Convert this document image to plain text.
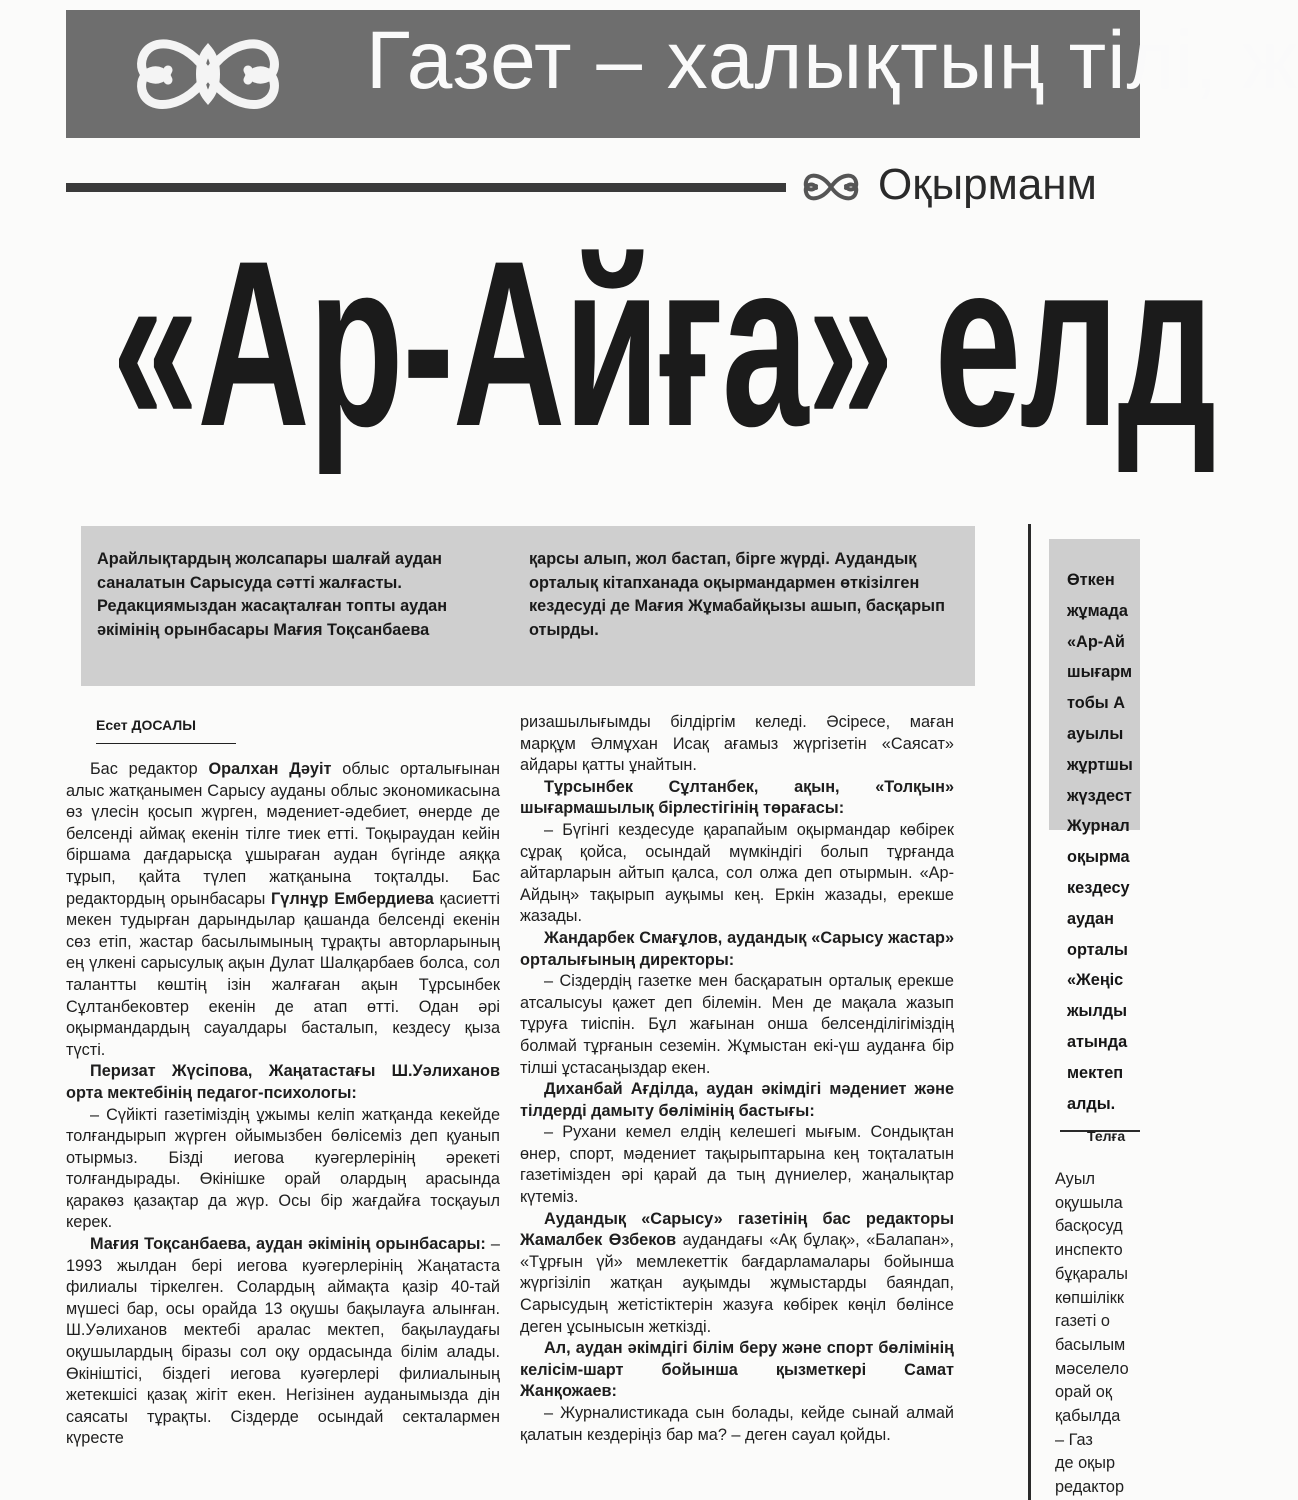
Газет – халықтың тілі, ж
Оқырманм
«Ар-Айға» елд
Арайлықтардың жолсапары шалғай аудан саналатын Сарысуда сәтті жалғасты. Редакциямыздан жасақталған топты аудан әкімінің орынбасары Мағия Тоқсанбаева
қарсы алып, жол бастап, бірге жүрді. Аудандық орталық кітапханада оқырмандармен өткізілген кездесуді де Мағия Жұмабайқызы ашып, басқарып отырды.
Есет ДОСАЛЫ

Бас редактор Оралхан Дәуіт облыс орталығынан алыс жатқанымен Сарысу ауданы облыс экономикасына өз үлесін қосып жүрген, мәдениет-әдебиет, өнерде де белсенді аймақ екенін тілге тиек етті. Тоқыраудан кейін біршама дағдарысқа ұшыраған аудан бүгінде аяққа тұрып, қайта түлеп жатқанына тоқталды. Бас редактордың орынбасары Гүлнұр Ембердиева қасиетті мекен тудырған дарындылар қашанда белсенді екенін сөз етіп, жастар басылымының тұрақты авторларының ең үлкені сарысулық ақын Дулат Шалқарбаев болса, сол талантты көштің ізін жалғаған ақын Тұрсынбек Сұлтанбековтер екенін де атап өтті. Одан әрі оқырмандардың сауалдары басталып, кездесу қыза түсті.

Перизат Жүсіпова, Жаңатастағы Ш.Уәлиханов орта мектебінің педагог-психологы:

– Сүйікті газетіміздің ұжымы келіп жатқанда кекейде толғандырып жүрген ойымызбен бөлісеміз деп қуанып отырмыз. Бізді иегова куәгерлерінің әрекеті толғандырады. Өкінішке орай олардың арасында қаракөз қазақтар да жүр. Осы бір жағдайға тосқауыл керек.

Мағия Тоқсанбаева, аудан әкімінің орынбасары: – 1993 жылдан бері иегова куәгерлерінің Жаңатаста филиалы тіркелген. Солардың аймақта қазір 40-тай мүшесі бар, осы орайда 13 оқушы бақылауға алынған. Ш.Уәлиханов мектебі аралас мектеп, бақылаудағы оқушылардың біразы сол оқу ордасында білім алады. Өкініштісі, біздегі иегова куәгерлері филиалының жетекшісі қазақ жігіт екен. Негізінен ауданымызда дін саясаты тұрақты. Сіздерде осындай секталармен күресте

ризашылығымды білдіргім келеді. Әсіресе, маған марқұм Әлмұхан Исақ ағамыз жүргізетін «Саясат» айдары қатты ұнайтын.

Тұрсынбек Сұлтанбек, ақын, «Толқын» шығармашылық бірлестігінің төрағасы:

– Бүгінгі кездесуде қарапайым оқырмандар көбірек сұрақ қойса, осындай мүмкіндігі болып тұрғанда айтарларын айтып қалса, сол олжа деп отырмын. «Ар-Айдың» тақырып ауқымы кең. Еркін жазады, ерекше жазады.

Жандарбек Смағұлов, аудандық «Сарысу жастар» орталығының директоры:

– Сіздердің газетке мен басқаратын орталық ерекше атсалысуы қажет деп білемін. Мен де мақала жазып тұруға тиіспін. Бұл жағынан онша белсенділігіміздің болмай тұрғанын сеземін. Жұмыстан екі-үш ауданға бір тілші ұстасаңыздар екен.

Диханбай Ағділда, аудан әкімдігі мәдениет және тілдерді дамыту бөлімінің бастығы:

– Рухани кемел елдің келешегі мығым. Сондықтан өнер, спорт, мәдениет тақырыптарына кең тоқталатын газетімізден әрі қарай да тың дүниелер, жаңалықтар күтеміз.

Аудандық «Сарысу» газетінің бас редакторы Жамалбек Өзбеков аудандағы «Ақ бұлақ», «Балапан», «Тұрғын үй» мемлекеттік бағдарламалары бойынша жүргізіліп жатқан ауқымды жұмыстарды баяндап, Сарысудың жетістіктерін жазуға көбірек көңіл бөлінсе деген ұсынысын жеткізді.

Ал, аудан әкімдігі білім беру және спорт бөлімінің келісім-шарт бойынша қызметкері Самат Жанқожаев:

– Журналистикада сын болады, кейде сынай алмай қалатын кездеріңіз бар ма? – деген сауал қойды.

Өткен
жұмада
«Ар-Ай
шығарм
тобы А
ауылы
жұртшы
жүздест
Журнал
оқырма
кездесу
аудан
орталы
«Жеңіс
жылды
атында
мектеп
алды.
Телға
Ауыл
оқушыла
басқосуд
инспекто
бұқаралы
көпшілікк
газеті о
басылым
мәселело
орай оқ
қабылда
– Газ
де оқыр
редактор
